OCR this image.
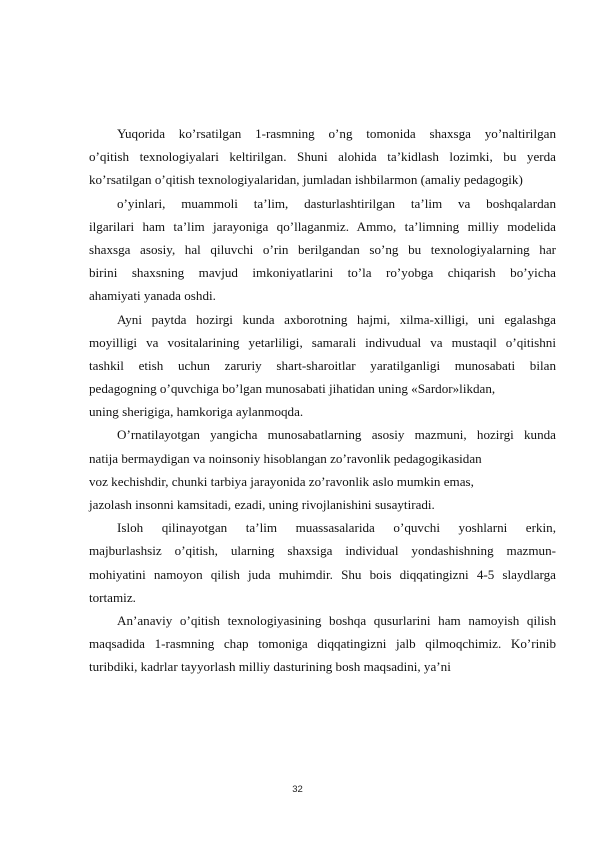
Yuqorida ko’rsatilgan 1-rasmning o’ng tomonida shaxsga yo’naltirilgan
o’qitish texnologiyalari keltirilgan. Shuni alohida ta’kidlash lozimki, bu yerda
ko’rsatilgan o’qitish texnologiyalaridan, jumladan ishbilarmon (amaliy pedagogik)
o’yinlari, muammoli ta’lim, dasturlashtirilgan ta’lim va boshqalardan
ilgarilari ham ta’lim jarayoniga qo’llaganmiz. Ammo, ta’limning milliy modelida
shaxsga asosiy, hal qiluvchi o’rin berilgandan so’ng bu texnologiyalarning har
birini shaxsning mavjud imkoniyatlarini to’la ro’yobga chiqarish bo’yicha
ahamiyati yanada oshdi.
Ayni paytda hozirgi kunda axborotning hajmi, xilma-xilligi, uni egalashga
moyilligi va vositalarining yetarliligi, samarali indivudual va mustaqil o’qitishni
tashkil etish uchun zaruriy shart-sharoitlar yaratilganligi munosabati bilan
pedagogning o’quvchiga bo’lgan munosabati jihatidan uning «Sardor»likdan,
uning sherigiga, hamkoriga aylanmoqda.
O’rnatilayotgan yangicha munosabatlarning asosiy mazmuni, hozirgi kunda
natija bermaydigan va noinsoniy hisoblangan zo’ravonlik pedagogikasidan
voz kechishdir, chunki tarbiya jarayonida zo’ravonlik aslo mumkin emas,
jazolash insonni kamsitadi, ezadi, uning rivojlanishini susaytiradi.
Isloh qilinayotgan ta’lim muassasalarida o’quvchi yoshlarni erkin,
majburlashsiz o’qitish, ularning shaxsiga individual yondashishning mazmun-
mohiyatini namoyon qilish juda muhimdir. Shu bois diqqatingizni 4-5 slaydlarga
tortamiz.
An’anaviy o’qitish texnologiyasining boshqa qusurlarini ham namoyish qilish
maqsadida 1-rasmning chap tomoniga diqqatingizni jalb qilmoqchimiz. Ko’rinib
turibdiki, kadrlar tayyorlash milliy dasturining bosh maqsadini, ya’ni
32
